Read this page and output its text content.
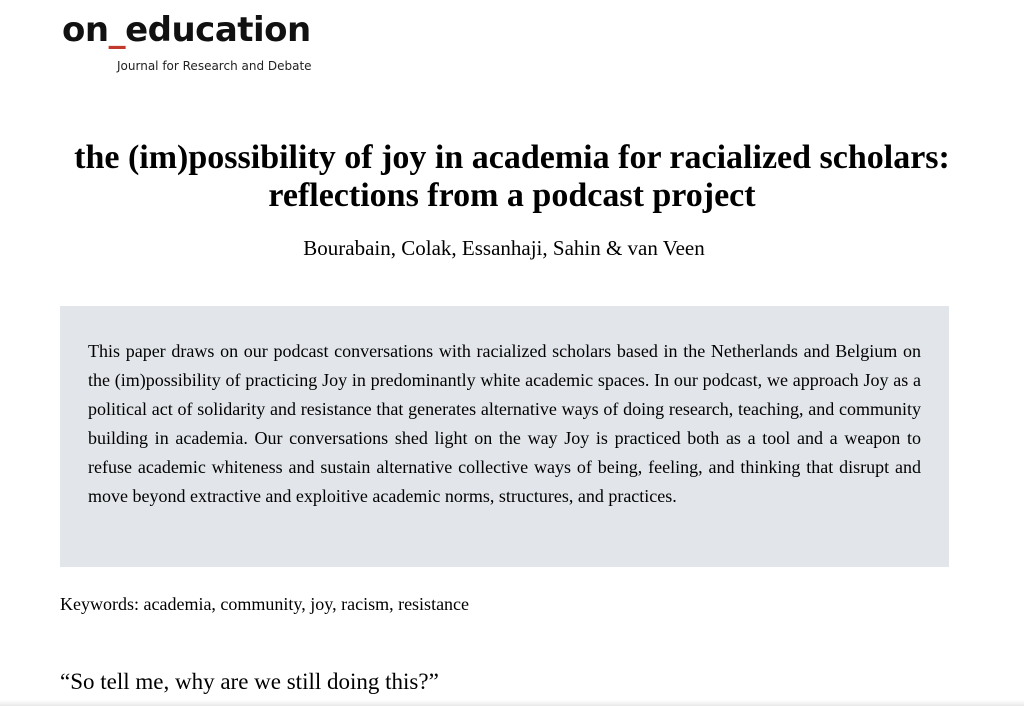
on_education
Journal for Research and Debate
the (im)possibility of joy in academia for racialized scholars: reflections from a podcast project
Bourabain, Colak, Essanhaji, Sahin & van Veen

This paper draws on our podcast conversations with racialized scholars based in the Netherlands and Belgium on the (im)possibility of practicing Joy in predominantly white academic spaces. In our podcast, we approach Joy as a political act of solidarity and resistance that generates alternative ways of doing research, teaching, and community building in academia. Our conversations shed light on the way Joy is practiced both as a tool and a weapon to refuse academic whiteness and sustain alternative collective ways of being, feeling, and thinking that disrupt and move beyond extractive and exploitive academic norms, structures, and practices.

Keywords: academia, community, joy, racism, resistance
“So tell me, why are we still doing this?”
